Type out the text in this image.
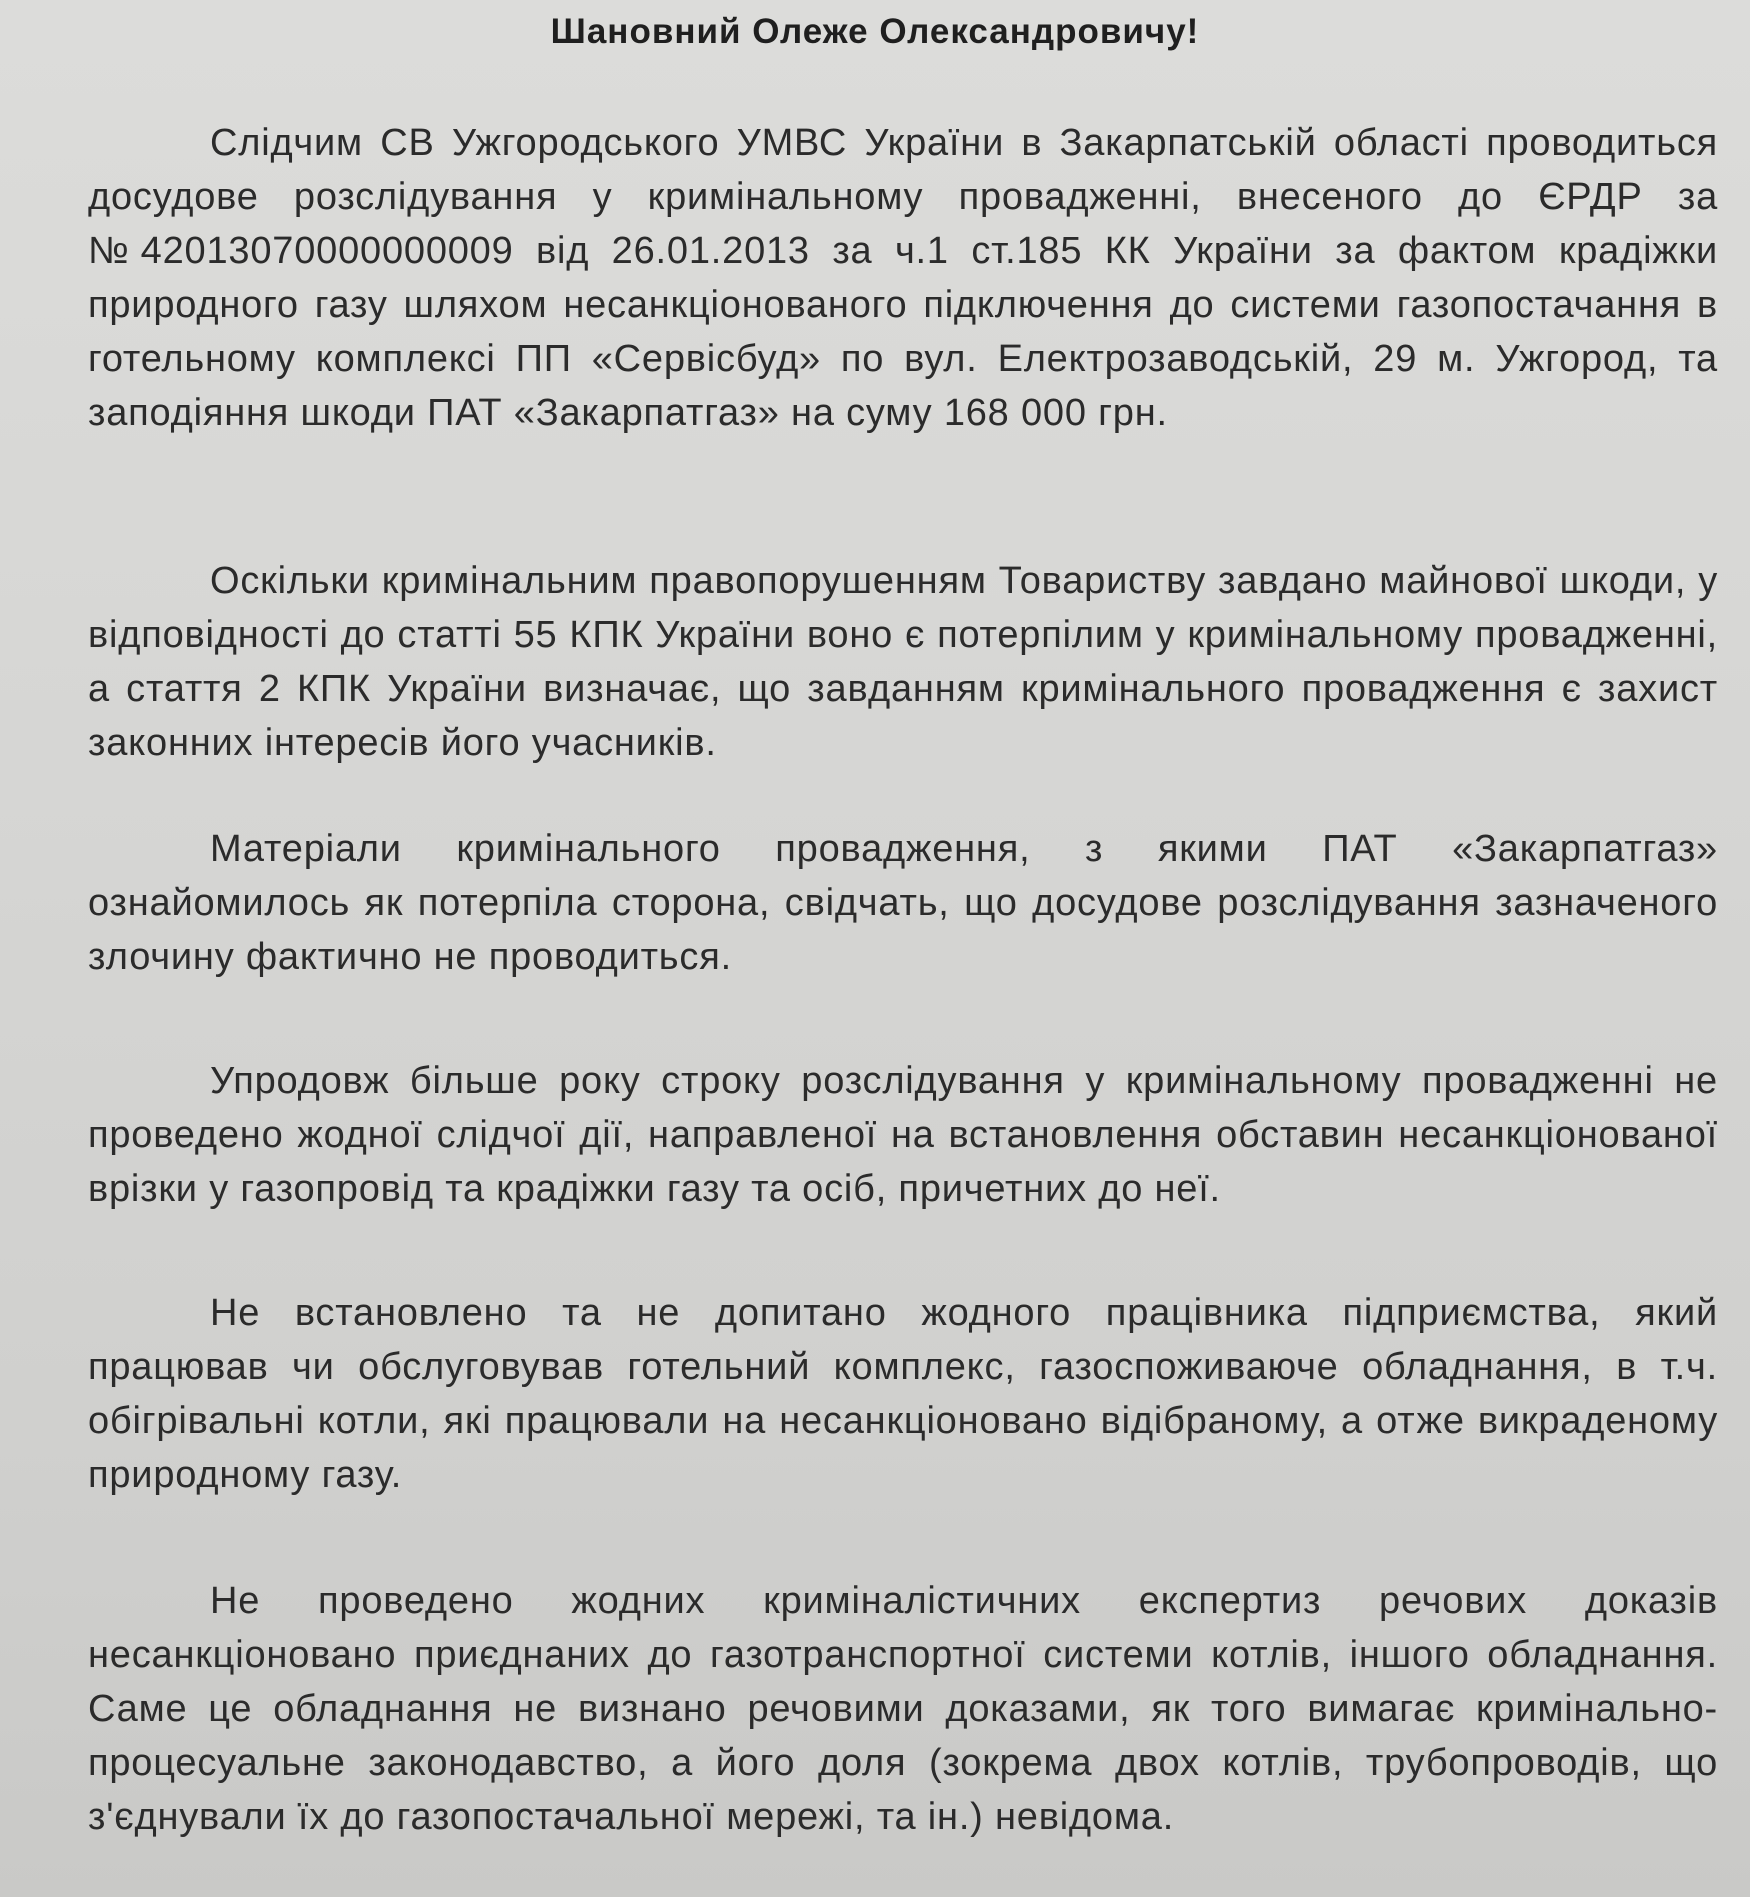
Шановний Олеже Олександровичу!

Слідчим СВ Ужгородського УМВС України в Закарпатській області проводиться досудове розслідування у кримінальному провадженні, внесеного до ЄРДР за №42013070000000009 від 26.01.2013 за ч.1 ст.185 КК України за фактом крадіжки природного газу шляхом несанкціонованого підключення до системи газопостачання в готельному комплексі ПП «Сервісбуд» по вул. Електрозаводській, 29 м. Ужгород, та заподіяння шкоди ПАТ «Закарпатгаз» на суму 168 000 грн.

Оскільки кримінальним правопорушенням Товариству завдано майнової шкоди, у відповідності до статті 55 КПК України воно є потерпілим у кримінальному провадженні, а стаття 2 КПК України визначає, що завданням кримінального провадження є захист законних інтересів його учасників.

Матеріали кримінального провадження, з якими ПАТ «Закарпатгаз» ознайомилось як потерпіла сторона, свідчать, що досудове розслідування зазначеного злочину фактично не проводиться.

Упродовж більше року строку розслідування у кримінальному провадженні не проведено жодної слідчої дії, направленої на встановлення обставин несанкціонованої врізки у газопровід та крадіжки газу та осіб, причетних до неї.

Не встановлено та не допитано жодного працівника підприємства, який працював чи обслуговував готельний комплекс, газоспоживаюче обладнання, в т.ч. обігрівальні котли, які працювали на несанкціоновано відібраному, а отже викраденому природному газу.

Не проведено жодних криміналістичних експертиз речових доказів несанкціоновано приєднаних до газотранспортної системи котлів, іншого обладнання. Саме це обладнання не визнано речовими доказами, як того вимагає кримінально-процесуальне законодавство, а його доля (зокрема двох котлів, трубопроводів, що з'єднували їх до газопостачальної мережі, та ін.) невідома.
